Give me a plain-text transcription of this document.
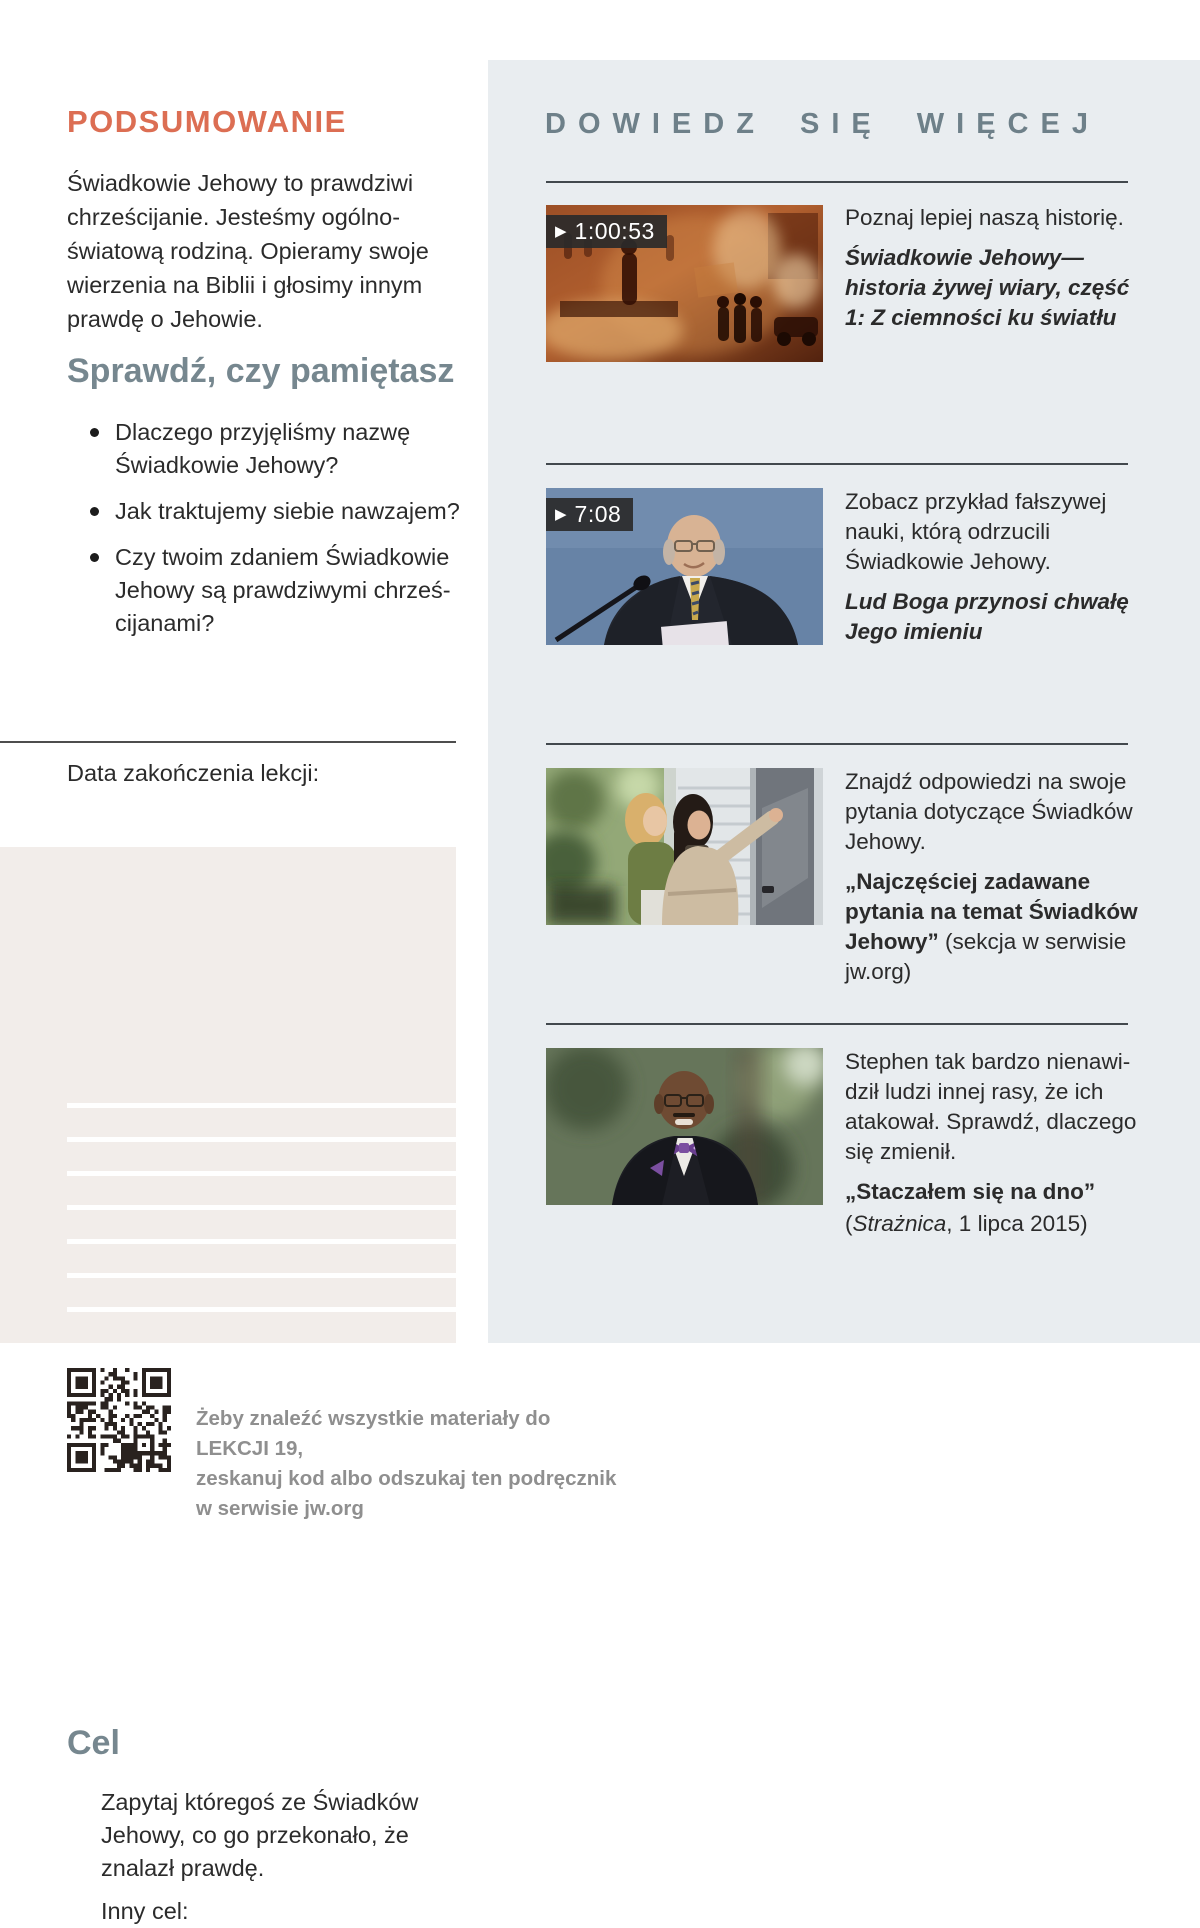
PODSUMOWANIE

Świadkowie Jehowy to prawdziwi chrześcijanie. Jesteśmy ogólnoświatową rodziną. Opieramy swoje wierzenia na Biblii i głosimy innym prawdę o Jehowie.

Sprawdź, czy pamiętasz
Dlaczego przyjęliśmy nazwę Świadkowie Jehowy?
Jak traktujemy siebie nawzajem?
Czy twoim zdaniem Świadkowie Jehowy są prawdziwymi chrześcijanami?
Data zakończenia lekcji:
Cel
Zapytaj któregoś ze Świadków Jehowy, co go przekonało, że znalazł prawdę.
Inny cel:
Żeby znaleźć wszystkie materiały do LEKCJI 19,
zeskanuj kod albo odszukaj ten podręcznik
w serwisie jw.org
DOWIEDZ SIĘ WIĘCEJ
▶ 1:00:53

Poznaj lepiej naszą historię.

Świadkowie Jehowy—historia żywej wiary, część 1: Z ciemności ku światłu

▶ 7:08	Zobacz przykład fałszywej nauki, którą odrzucili Świadkowie Jehowy.

Lud Boga przynosi chwałę Jego imieniu

Znajdź odpowiedzi na swoje pytania dotyczące Świadków Jehowy.

„Najczęściej zadawane pytania na temat Świadków Jehowy” (sekcja w serwisie jw.org)

Stephen tak bardzo nienawidził ludzi innej rasy, że ich atakował. Sprawdź, dlaczego się zmienił.

„Staczałem się na dno”

(Strażnica, 1 lipca 2015)
